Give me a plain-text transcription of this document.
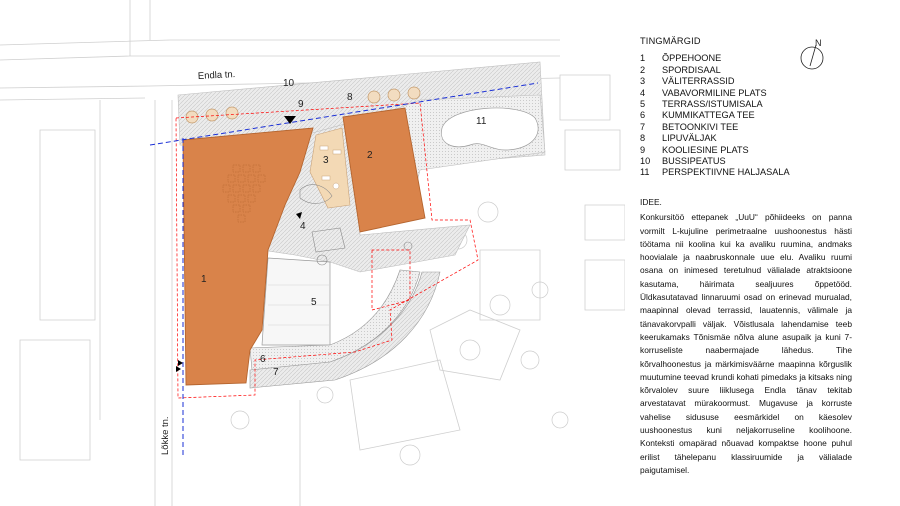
Endla tn.
Lõkke tn.
1
2
3
4
5
6
7
8
9
10
11
N
TINGMÄRGID
1 ÕPPEHOONE
2 SPORDISAAL
3 VÄLITERRASSID
4 VABAVORMILINE PLATS
5 TERRASS/ISTUMISALA
6 KUMMIKATTEGA TEE
7 BETOONKIVI TEE
8 LIPUVÄLJAK
9 KOOLIESINE PLATS
10 BUSSIPEATUS
11 PERSPEKTIIVNE HALJASALA
IDEE.

Konkursitöö ettepanek „UuU“ põhiideeks on panna vormilt L-kujuline perimetraalne uushoonestus hästi töötama nii koolina kui ka avaliku ruumina, andmaks hoovialale ja naabruskonnale uue elu. Avaliku ruumi osana on inimesed teretulnud välialade atraktsioone kasutama, häirimata sealjuures õppetööd. Üldkasutatavad linnaruumi osad on erinevad murualad, maapinnal olevad terrassid, lauatennis, välimale ja tänavakorvpalli väljak. Võistlusala lahendamise teeb keerukamaks Tõnismäe nõlva alune asupaik ja kuni 7-korruseliste naabermajade lähedus. Tihe kõrvalhoonestus ja märkimisväärne maapinna kõrguslik muutumine teevad krundi kohati pimedaks ja kitsaks ning kõrvalolev suure liiklusega Endla tänav tekitab arvestatavat mürakoormust. Mugavuse ja korruste vahelise sidususe eesmärkidel on käesolev uushoonestus kuni neljakorruseline koolihoone. Konteksti omapärad nõuavad kompaktse hoone puhul erilist tähelepanu klassiruumide ja välialade paigutamisel.
